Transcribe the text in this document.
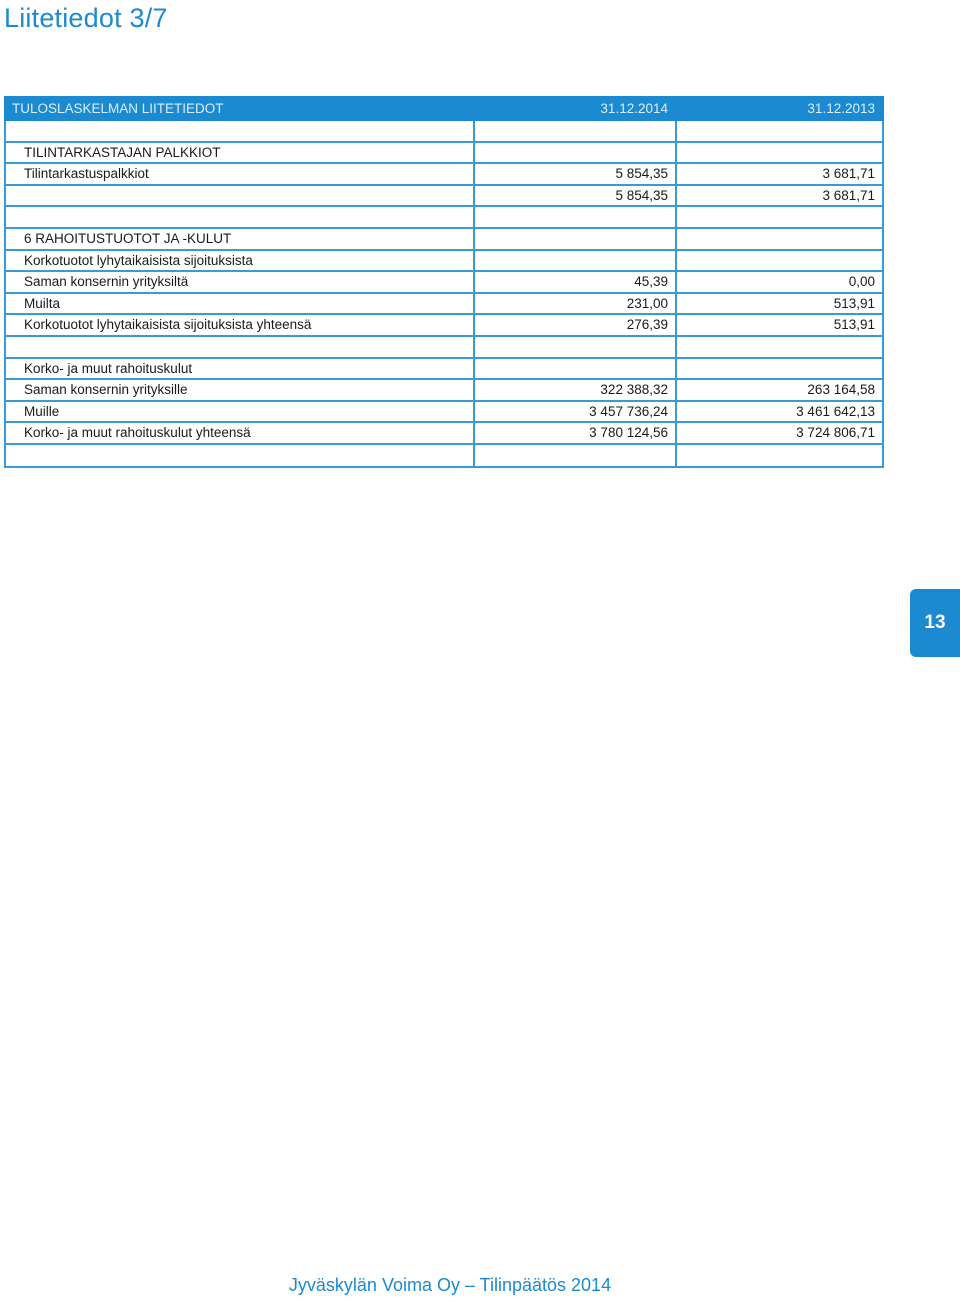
Liitetiedot 3/7
TULOSLASKELMAN LIITETIEDOT	31.12.2014	31.12.2013

TILINTARKASTAJAN PALKKIOT		
Tilintarkastuspalkkiot	5 854,35	3 681,71
	5 854,35	3 681,71

6 RAHOITUSTUOTOT JA -KULUT		
Korkotuotot lyhytaikaisista sijoituksista		
Saman konsernin yrityksiltä	45,39	0,00
Muilta	231,00	513,91
Korkotuotot lyhytaikaisista sijoituksista yhteensä	276,39	513,91

Korko- ja muut rahoituskulut		
Saman konsernin yrityksille	322 388,32	263 164,58
Muille	3 457 736,24	3 461 642,13
Korko- ja muut rahoituskulut yhteensä	3 780 124,56	3 724 806,71

13
Jyväskylän Voima Oy – Tilinpäätös 2014
